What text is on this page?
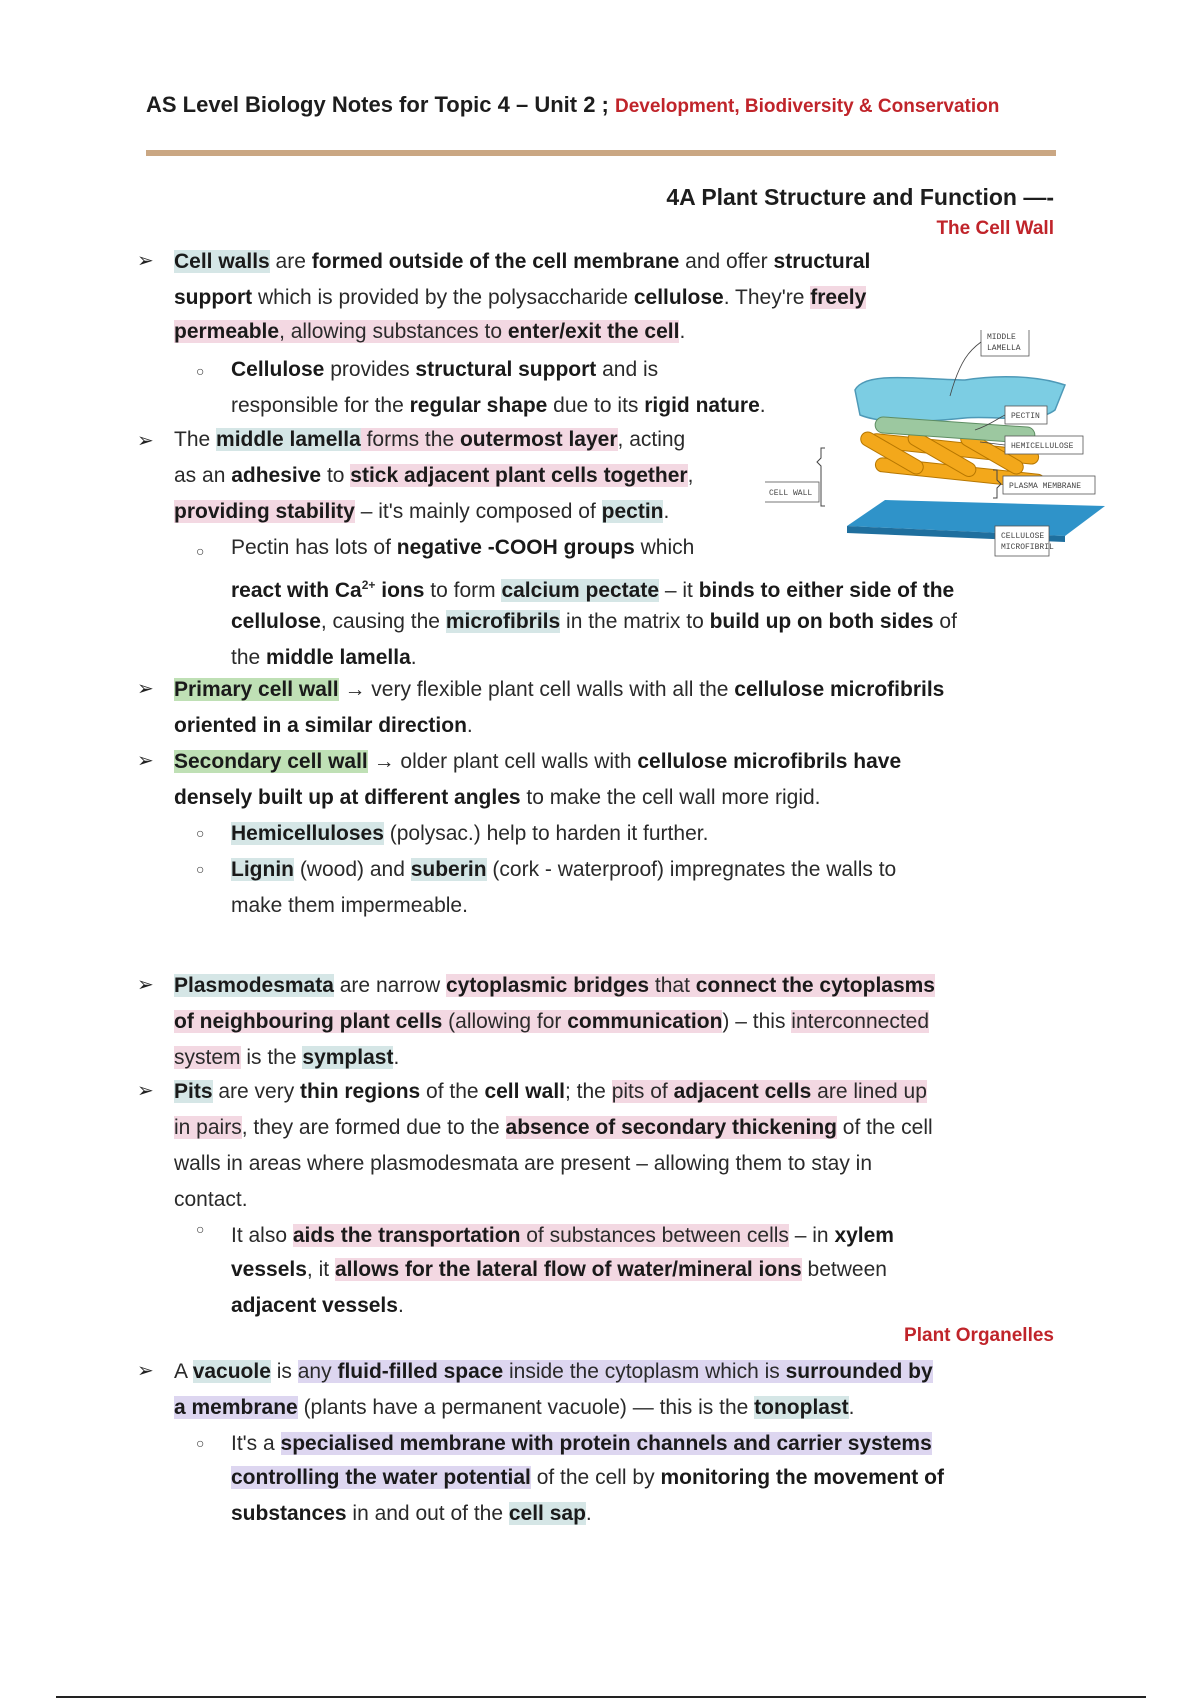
AS Level Biology Notes for Topic 4 – Unit 2 ; Development, Biodiversity & Conservation
4A Plant Structure and Function —-
The Cell Wall
MIDDLE
LAMELLA
PECTIN
HEMICELLULOSE
PLASMA MEMBRANE
CELL WALL
CELLULOSE
MICROFIBRIL
➢
○
➢
○
➢
➢
○
○
➢
➢
○
➢
○
Cell walls are formed outside of the cell membrane and offer structural
support which is provided by the polysaccharide cellulose. They're freely
permeable, allowing substances to enter/exit the cell.
Cellulose provides structural support and is
responsible for the regular shape due to its rigid nature.
The middle lamella forms the outermost layer, acting
as an adhesive to stick adjacent plant cells together,
providing stability – it's mainly composed of pectin.
Pectin has lots of negative -COOH groups which
react with $Ca^{2+}$ ions to form calcium pectate – it binds to either side of the
cellulose, causing the microfibrils in the matrix to build up on both sides of
the middle lamella.
Primary cell wall → very flexible plant cell walls with all the cellulose microfibrils
oriented in a similar direction.
Secondary cell wall → older plant cell walls with cellulose microfibrils have
densely built up at different angles to make the cell wall more rigid.
Hemicelluloses (polysac.) help to harden it further.
Lignin (wood) and suberin (cork - waterproof) impregnates the walls to
make them impermeable.
Plasmodesmata are narrow cytoplasmic bridges that connect the cytoplasms
of neighbouring plant cells (allowing for communication) – this interconnected
system is the symplast.
Pits are very thin regions of the cell wall; the pits of adjacent cells are lined up
in pairs, they are formed due to the absence of secondary thickening of the cell
walls in areas where plasmodesmata are present – allowing them to stay in
contact.
It also aids the transportation of substances between cells – in xylem
vessels, it allows for the lateral flow of water/mineral ions between
adjacent vessels.
A vacuole is any fluid-filled space inside the cytoplasm which is surrounded by
a membrane (plants have a permanent vacuole) — this is the tonoplast.
It's a specialised membrane with protein channels and carrier systems
controlling the water potential of the cell by monitoring the movement of
substances in and out of the cell sap.
Plant Organelles
